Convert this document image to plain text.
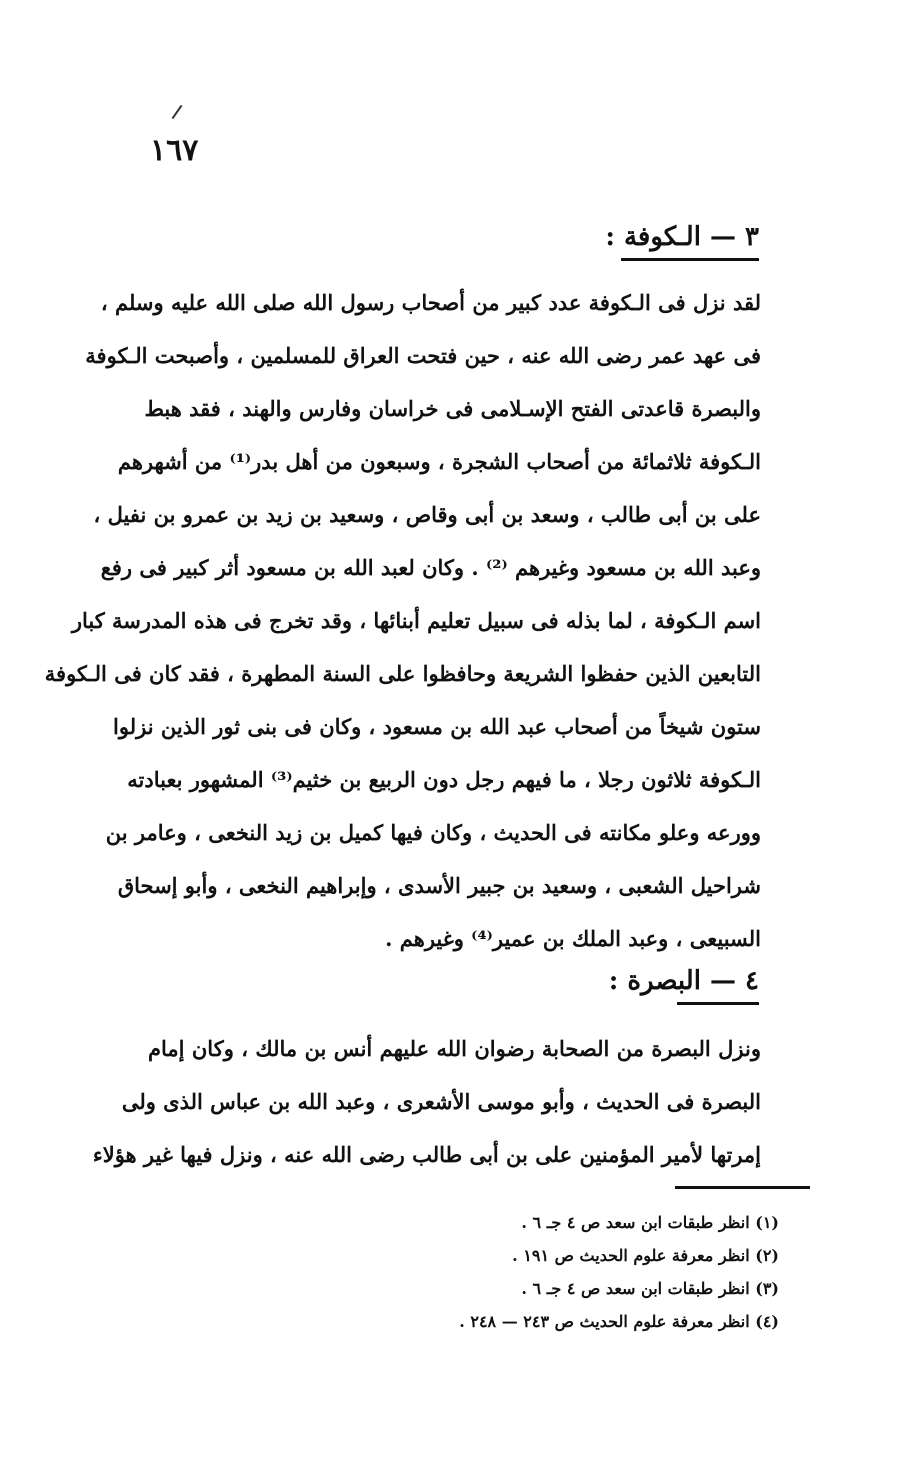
١٦٧
٣ — الـكوفة :
لقد نزل فى الـكوفة عدد كبير من أصحاب رسول الله صلى الله عليه وسلم ،
فى عهد عمر رضى الله عنه ، حين فتحت العراق للمسلمين ، وأصبحت الـكوفة
والبصرة قاعدتى الفتح الإسـلامى فى خراسان وفارس والهند ، فقد هبط
الـكوفة ثلاثمائة من أصحاب الشجرة ، وسبعون من أهل بدر⁽¹⁾ من أشهرهم
على بن أبى طالب ، وسعد بن أبى وقاص ، وسعيد بن زيد بن عمرو بن نفيل ،
وعبد الله بن مسعود وغيرهم ⁽²⁾ . وكان لعبد الله بن مسعود أثر كبير فى رفع
اسم الـكوفة ، لما بذله فى سبيل تعليم أبنائها ، وقد تخرج فى هذه المدرسة كبار
التابعين الذين حفظوا الشريعة وحافظوا على السنة المطهرة ، فقد كان فى الـكوفة
ستون شيخاً من أصحاب عبد الله بن مسعود ، وكان فى بنى ثور الذين نزلوا
الـكوفة ثلاثون رجلا ، ما فيهم رجل دون الربيع بن خثيم⁽³⁾ المشهور بعبادته
وورعه وعلو مكانته فى الحديث ، وكان فيها كميل بن زيد النخعى ، وعامر بن
شراحيل الشعبى ، وسعيد بن جبير الأسدى ، وإبراهيم النخعى ، وأبو إسحاق
السبيعى ، وعبد الملك بن عمير⁽⁴⁾ وغيرهم .
٤ — البصرة :
ونزل البصرة من الصحابة رضوان الله عليهم أنس بن مالك ، وكان إمام
البصرة فى الحديث ، وأبو موسى الأشعرى ، وعبد الله بن عباس الذى ولى
إمرتها لأمير المؤمنين على بن أبى طالب رضى الله عنه ، ونزل فيها غير هؤلاء
(١) انظر طبقات ابن سعد ص ٤ جـ ٦ .
(٢) انظر معرفة علوم الحديث ص ١٩١ .
(٣) انظر طبقات ابن سعد ص ٤ جـ ٦ .
(٤) انظر معرفة علوم الحديث ص ٢٤٣ — ٢٤٨ .
